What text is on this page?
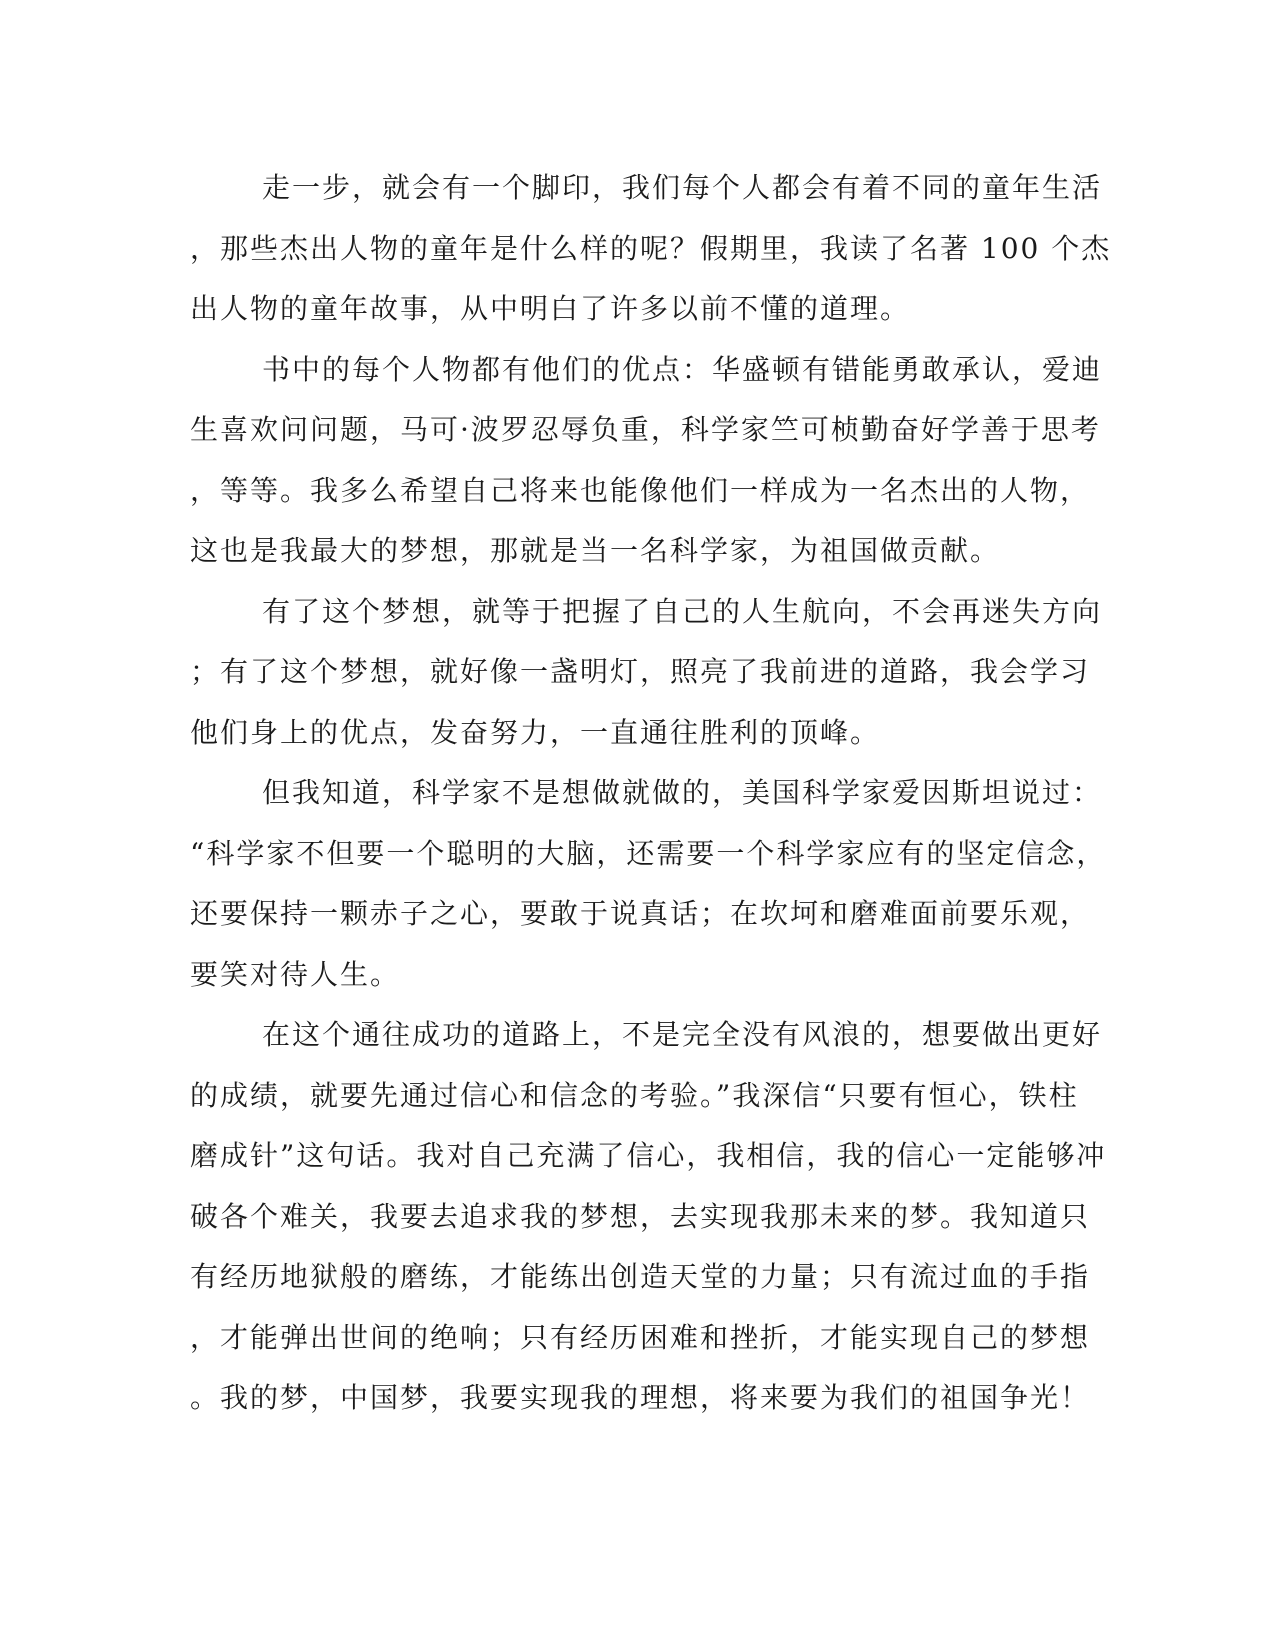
走一步，就会有一个脚印，我们每个人都会有着不同的童年生活
，那些杰出人物的童年是什么样的呢？假期里，我读了名著 100 个杰
出人物的童年故事，从中明白了许多以前不懂的道理。
书中的每个人物都有他们的优点：华盛顿有错能勇敢承认，爱迪
生喜欢问问题，马可·波罗忍辱负重，科学家竺可桢勤奋好学善于思考
，等等。我多么希望自己将来也能像他们一样成为一名杰出的人物，
这也是我最大的梦想，那就是当一名科学家，为祖国做贡献。
有了这个梦想，就等于把握了自己的人生航向，不会再迷失方向
；有了这个梦想，就好像一盏明灯，照亮了我前进的道路，我会学习
他们身上的优点，发奋努力，一直通往胜利的顶峰。
但我知道，科学家不是想做就做的，美国科学家爱因斯坦说过：
“科学家不但要一个聪明的大脑，还需要一个科学家应有的坚定信念，
还要保持一颗赤子之心，要敢于说真话；在坎坷和磨难面前要乐观，
要笑对待人生。
在这个通往成功的道路上，不是完全没有风浪的，想要做出更好
的成绩，就要先通过信心和信念的考验。”我深信“只要有恒心，铁柱
磨成针”这句话。我对自己充满了信心，我相信，我的信心一定能够冲
破各个难关，我要去追求我的梦想，去实现我那未来的梦。我知道只
有经历地狱般的磨练，才能练出创造天堂的力量；只有流过血的手指
，才能弹出世间的绝响；只有经历困难和挫折，才能实现自己的梦想
。我的梦，中国梦，我要实现我的理想，将来要为我们的祖国争光！
